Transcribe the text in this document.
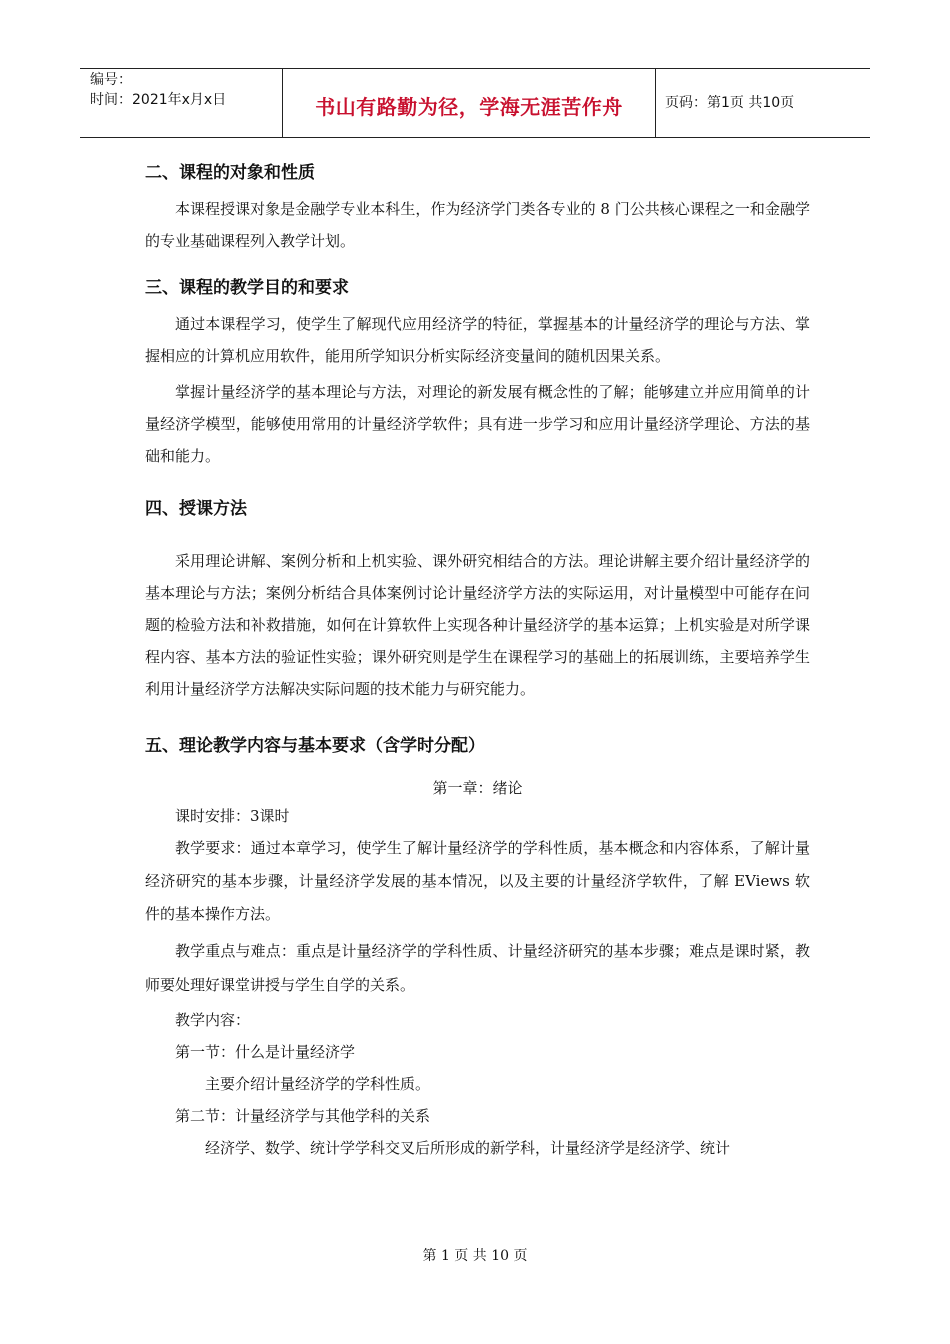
编号：
时间：2021年x月x日	书山有路勤为径，学海无涯苦作舟	页码：第1页 共10页
二、课程的对象和性质

本课程授课对象是金融学专业本科生，作为经济学门类各专业的 8 门公共核心课程之一和金融学的专业基础课程列入教学计划。

三、课程的教学目的和要求

通过本课程学习，使学生了解现代应用经济学的特征，掌握基本的计量经济学的理论与方法、掌握相应的计算机应用软件，能用所学知识分析实际经济变量间的随机因果关系。

掌握计量经济学的基本理论与方法，对理论的新发展有概念性的了解；能够建立并应用简单的计量经济学模型，能够使用常用的计量经济学软件；具有进一步学习和应用计量经济学理论、方法的基础和能力。

四、授课方法

采用理论讲解、案例分析和上机实验、课外研究相结合的方法。理论讲解主要介绍计量经济学的基本理论与方法；案例分析结合具体案例讨论计量经济学方法的实际运用，对计量模型中可能存在问题的检验方法和补救措施，如何在计算软件上实现各种计量经济学的基本运算；上机实验是对所学课程内容、基本方法的验证性实验；课外研究则是学生在课程学习的基础上的拓展训练，主要培养学生利用计量经济学方法解决实际问题的技术能力与研究能力。

五、理论教学内容与基本要求（含学时分配）

第一章：绪论

课时安排：3课时

教学要求：通过本章学习，使学生了解计量经济学的学科性质，基本概念和内容体系，了解计量经济研究的基本步骤，计量经济学发展的基本情况，以及主要的计量经济学软件，了解 EViews 软件的基本操作方法。

教学重点与难点：重点是计量经济学的学科性质、计量经济研究的基本步骤；难点是课时紧，教师要处理好课堂讲授与学生自学的关系。

教学内容：

第一节：什么是计量经济学

主要介绍计量经济学的学科性质。

第二节：计量经济学与其他学科的关系

经济学、数学、统计学学科交叉后所形成的新学科，计量经济学是经济学、统计

第 1 页 共 10 页
